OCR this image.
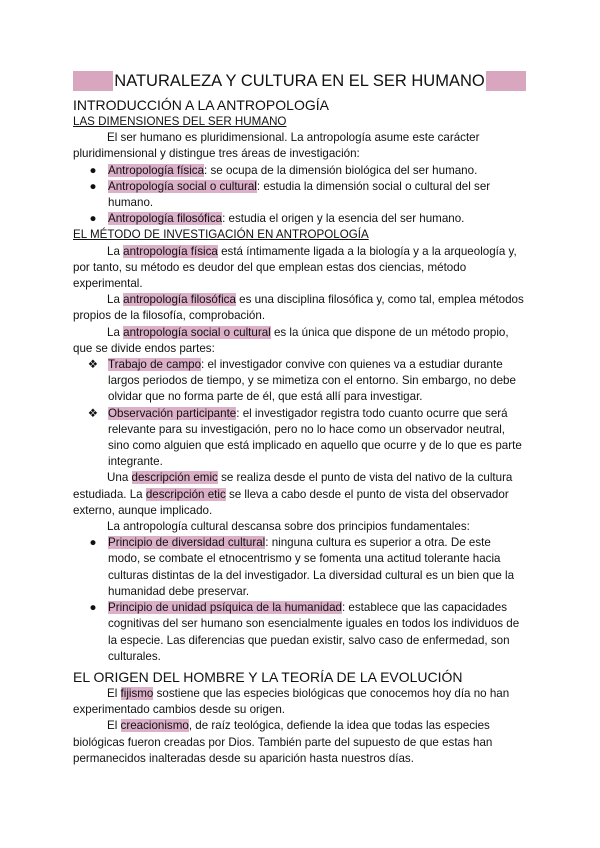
NATURALEZA Y CULTURA EN EL SER HUMANO
INTRODUCCIÓN A LA ANTROPOLOGÍA
LAS DIMENSIONES DEL SER HUMANO

El ser humano es pluridimensional. La antropología asume este carácter pluridimensional y distingue tres áreas de investigación:

● Antropología física: se ocupa de la dimensión biológica del ser humano.
● Antropología social o cultural: estudia la dimensión social o cultural del ser humano.
● Antropología filosófica: estudia el origen y la esencia del ser humano.
EL MÉTODO DE INVESTIGACIÓN EN ANTROPOLOGÍA

La antropología física está íntimamente ligada a la biología y a la arqueología y, por tanto, su método es deudor del que emplean estas dos ciencias, método experimental.

La antropología filosófica es una disciplina filosófica y, como tal, emplea métodos propios de la filosofía, comprobación.

La antropología social o cultural es la única que dispone de un método propio, que se divide endos partes:

❖ Trabajo de campo: el investigador convive con quienes va a estudiar durante largos periodos de tiempo, y se mimetiza con el entorno. Sin embargo, no debe olvidar que no forma parte de él, que está allí para investigar.
❖ Observación participante: el investigador registra todo cuanto ocurre que será relevante para su investigación, pero no lo hace como un observador neutral, sino como alguien que está implicado en aquello que ocurre y de lo que es parte integrante.

Una descripción emic se realiza desde el punto de vista del nativo de la cultura estudiada. La descripción etic se lleva a cabo desde el punto de vista del observador externo, aunque implicado.

La antropología cultural descansa sobre dos principios fundamentales:

● Principio de diversidad cultural: ninguna cultura es superior a otra. De este modo, se combate el etnocentrismo y se fomenta una actitud tolerante hacia culturas distintas de la del investigador. La diversidad cultural es un bien que la humanidad debe preservar.
● Principio de unidad psíquica de la humanidad: establece que las capacidades cognitivas del ser humano son esencialmente iguales en todos los individuos de la especie. Las diferencias que puedan existir, salvo caso de enfermedad, son culturales.
EL ORIGEN DEL HOMBRE Y LA TEORÍA DE LA EVOLUCIÓN

El fijismo sostiene que las especies biológicas que conocemos hoy día no han experimentado cambios desde su origen.

El creacionismo, de raíz teológica, defiende la idea que todas las especies biológicas fueron creadas por Dios. También parte del supuesto de que estas han permanecidos inalteradas desde su aparición hasta nuestros días.
